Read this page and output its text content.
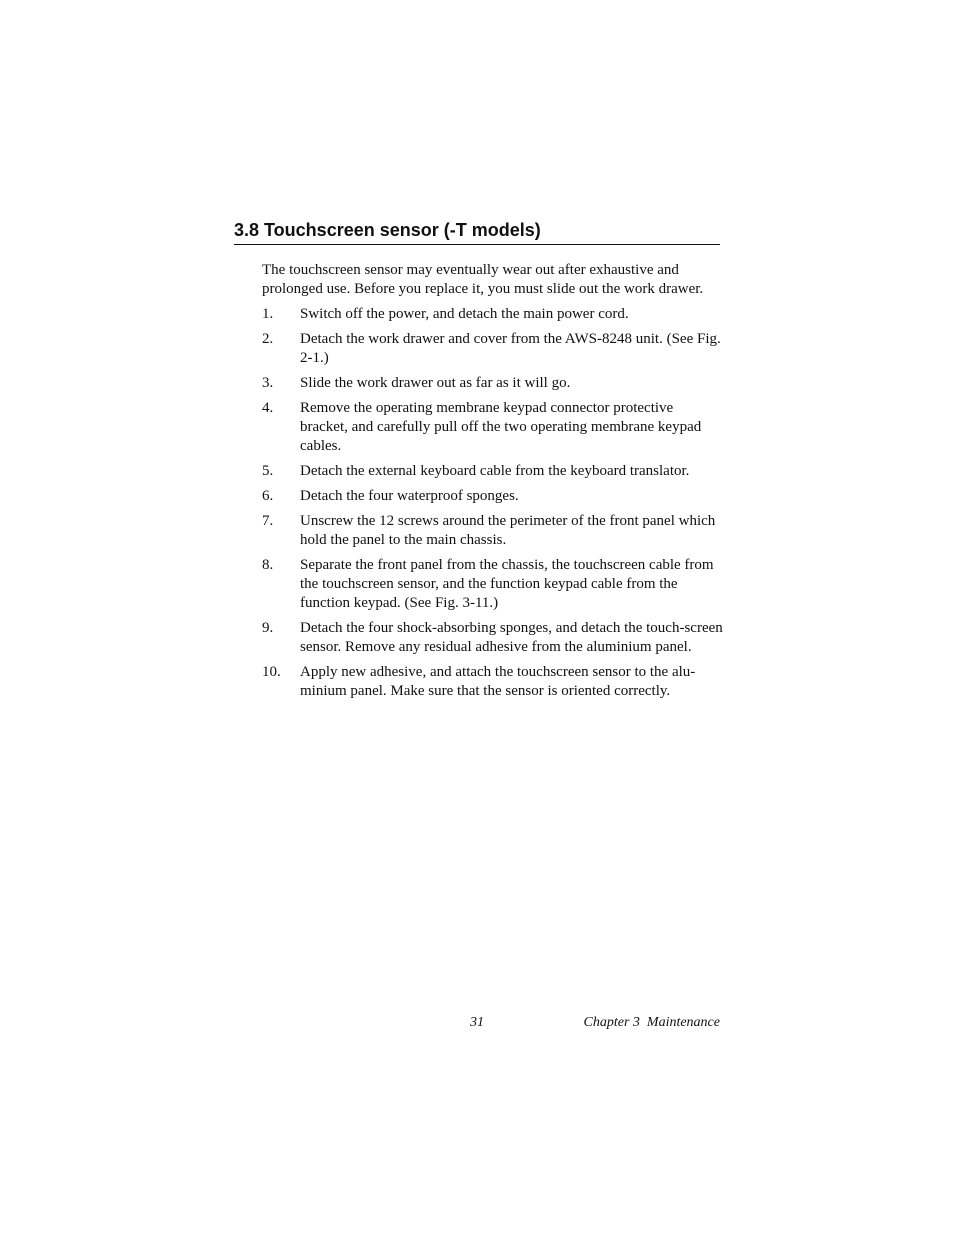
3.8 Touchscreen sensor (-T models)

The touchscreen sensor may eventually wear out after exhaustive and prolonged use. Before you replace it, you must slide out the work drawer.

1.	Switch off the power, and detach the main power cord.
2.	Detach the work drawer and cover from the AWS-8248 unit. (See Fig. 2-1.)
3.	Slide the work drawer out as far as it will go.
4.	Remove the operating membrane keypad connector protective bracket, and carefully pull off the two operating membrane keypad cables.
5.	Detach the external keyboard cable from the keyboard translator.
6.	Detach the four waterproof sponges.
7.	Unscrew the 12 screws around the perimeter of the front panel which hold the panel to the main chassis.
8.	Separate the front panel from the chassis, the touchscreen cable from the touchscreen sensor, and the function keypad cable from the function keypad. (See Fig. 3-11.)
9.	Detach the four shock-absorbing sponges, and detach the touch-screen sensor. Remove any residual adhesive from the aluminium panel.
10.	Apply new adhesive, and attach the touchscreen sensor to the alu-minium panel. Make sure that the sensor is oriented correctly.
31	Chapter 3  Maintenance
